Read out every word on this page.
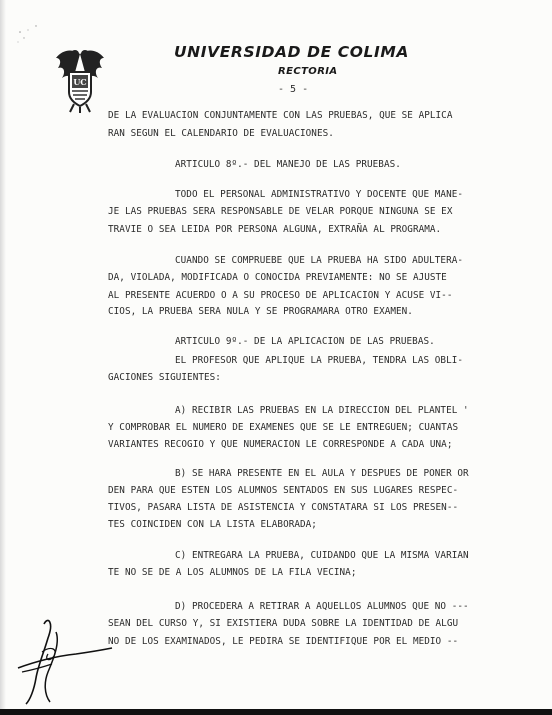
UC
UNIVERSIDAD DE COLIMA
RECTORIA
- 5 -
DE LA EVALUACION CONJUNTAMENTE CON LAS PRUEBAS, QUE SE APLICA
RAN SEGUN EL CALENDARIO DE EVALUACIONES.
ARTICULO 8º.- DEL MANEJO DE LAS PRUEBAS.
TODO EL PERSONAL ADMINISTRATIVO Y DOCENTE QUE MANE-
JE LAS PRUEBAS SERA RESPONSABLE DE VELAR PORQUE NINGUNA SE EX
TRAVIE O SEA LEIDA POR PERSONA ALGUNA, EXTRAÑA AL PROGRAMA.
CUANDO SE COMPRUEBE QUE LA PRUEBA HA SIDO ADULTERA-
DA, VIOLADA, MODIFICADA O CONOCIDA PREVIAMENTE: NO SE AJUSTE
AL PRESENTE ACUERDO O A SU PROCESO DE APLICACION Y ACUSE VI--
CIOS, LA PRUEBA SERA NULA Y SE PROGRAMARA OTRO EXAMEN.
ARTICULO 9º.- DE LA APLICACION DE LAS PRUEBAS.
EL PROFESOR QUE APLIQUE LA PRUEBA, TENDRA LAS OBLI-
GACIONES SIGUIENTES:
A) RECIBIR LAS PRUEBAS EN LA DIRECCION DEL PLANTEL '
Y COMPROBAR EL NUMERO DE EXAMENES QUE SE LE ENTREGUEN; CUANTAS
VARIANTES RECOGIO Y QUE NUMERACION LE CORRESPONDE A CADA UNA;
B) SE HARA PRESENTE EN EL AULA Y DESPUES DE PONER OR
DEN PARA QUE ESTEN LOS ALUMNOS SENTADOS EN SUS LUGARES RESPEC-
TIVOS, PASARA LISTA DE ASISTENCIA Y CONSTATARA SI LOS PRESEN--
TES COINCIDEN CON LA LISTA ELABORADA;
C) ENTREGARA LA PRUEBA, CUIDANDO QUE LA MISMA VARIAN
TE NO SE DE A LOS ALUMNOS DE LA FILA VECINA;
D) PROCEDERA A RETIRAR A AQUELLOS ALUMNOS QUE NO ---
SEAN DEL CURSO Y, SI EXISTIERA DUDA SOBRE LA IDENTIDAD DE ALGU
NO DE LOS EXAMINADOS, LE PEDIRA SE IDENTIFIQUE POR EL MEDIO --
